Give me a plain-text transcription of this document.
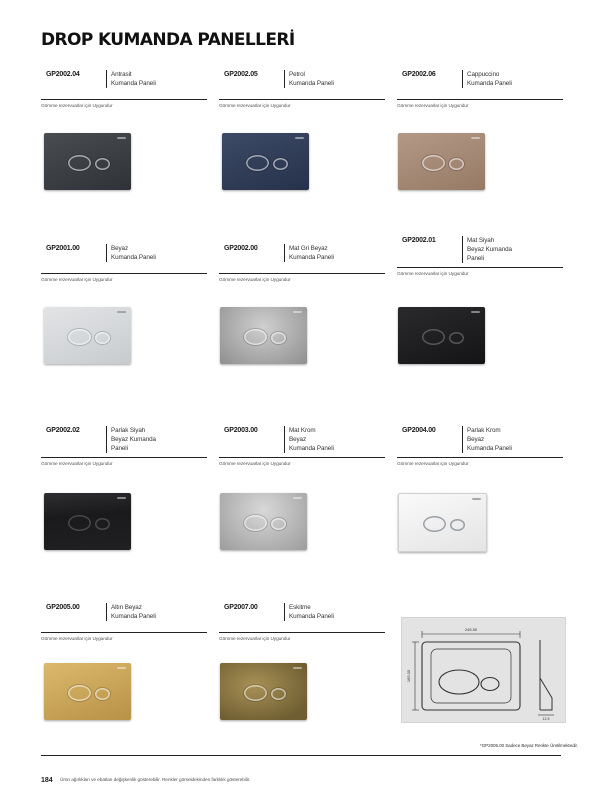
DROP KUMANDA PANELLERİ
GP2002.04	Antrasit
Kumanda Paneli
Gömme rezervuarlar için Uygundur
GP2002.05	Petrol
Kumanda Paneli
Gömme rezervuarlar için Uygundur
GP2002.06	Cappuccino
Kumanda Paneli
Gömme rezervuarlar için Uygundur
GP2001.00	Beyaz
Kumanda Paneli
Gömme rezervuarlar için Uygundur
GP2002.00	Mat Gri Beyaz
Kumanda Paneli
Gömme rezervuarlar için Uygundur
GP2002.01	Mat Siyah
Beyaz Kumanda
Paneli
Gömme rezervuarlar için Uygundur
GP2002.02	Parlak Siyah
Beyaz Kumanda
Paneli
Gömme rezervuarlar için Uygundur
GP2003.00	Mat Krom
Beyaz
Kumanda Paneli
Gömme rezervuarlar için Uygundur
GP2004.00	Parlak Krom
Beyaz
Kumanda Paneli
Gömme rezervuarlar için Uygundur
GP2005.00	Altın Beyaz
Kumanda Paneli
Gömme rezervuarlar için Uygundur
GP2007.00	Eskitme
Kumanda Paneli
Gömme rezervuarlar için Uygundur
245.50
165.00
12.5
*GP2005.00 Sadece Beyaz Renkte Üretilmektedir.
184 Ürün ağırlıkları ve ebatları değişkenlik gösterebilir. Renkler görseldekinden farklılık gösterebilir.
